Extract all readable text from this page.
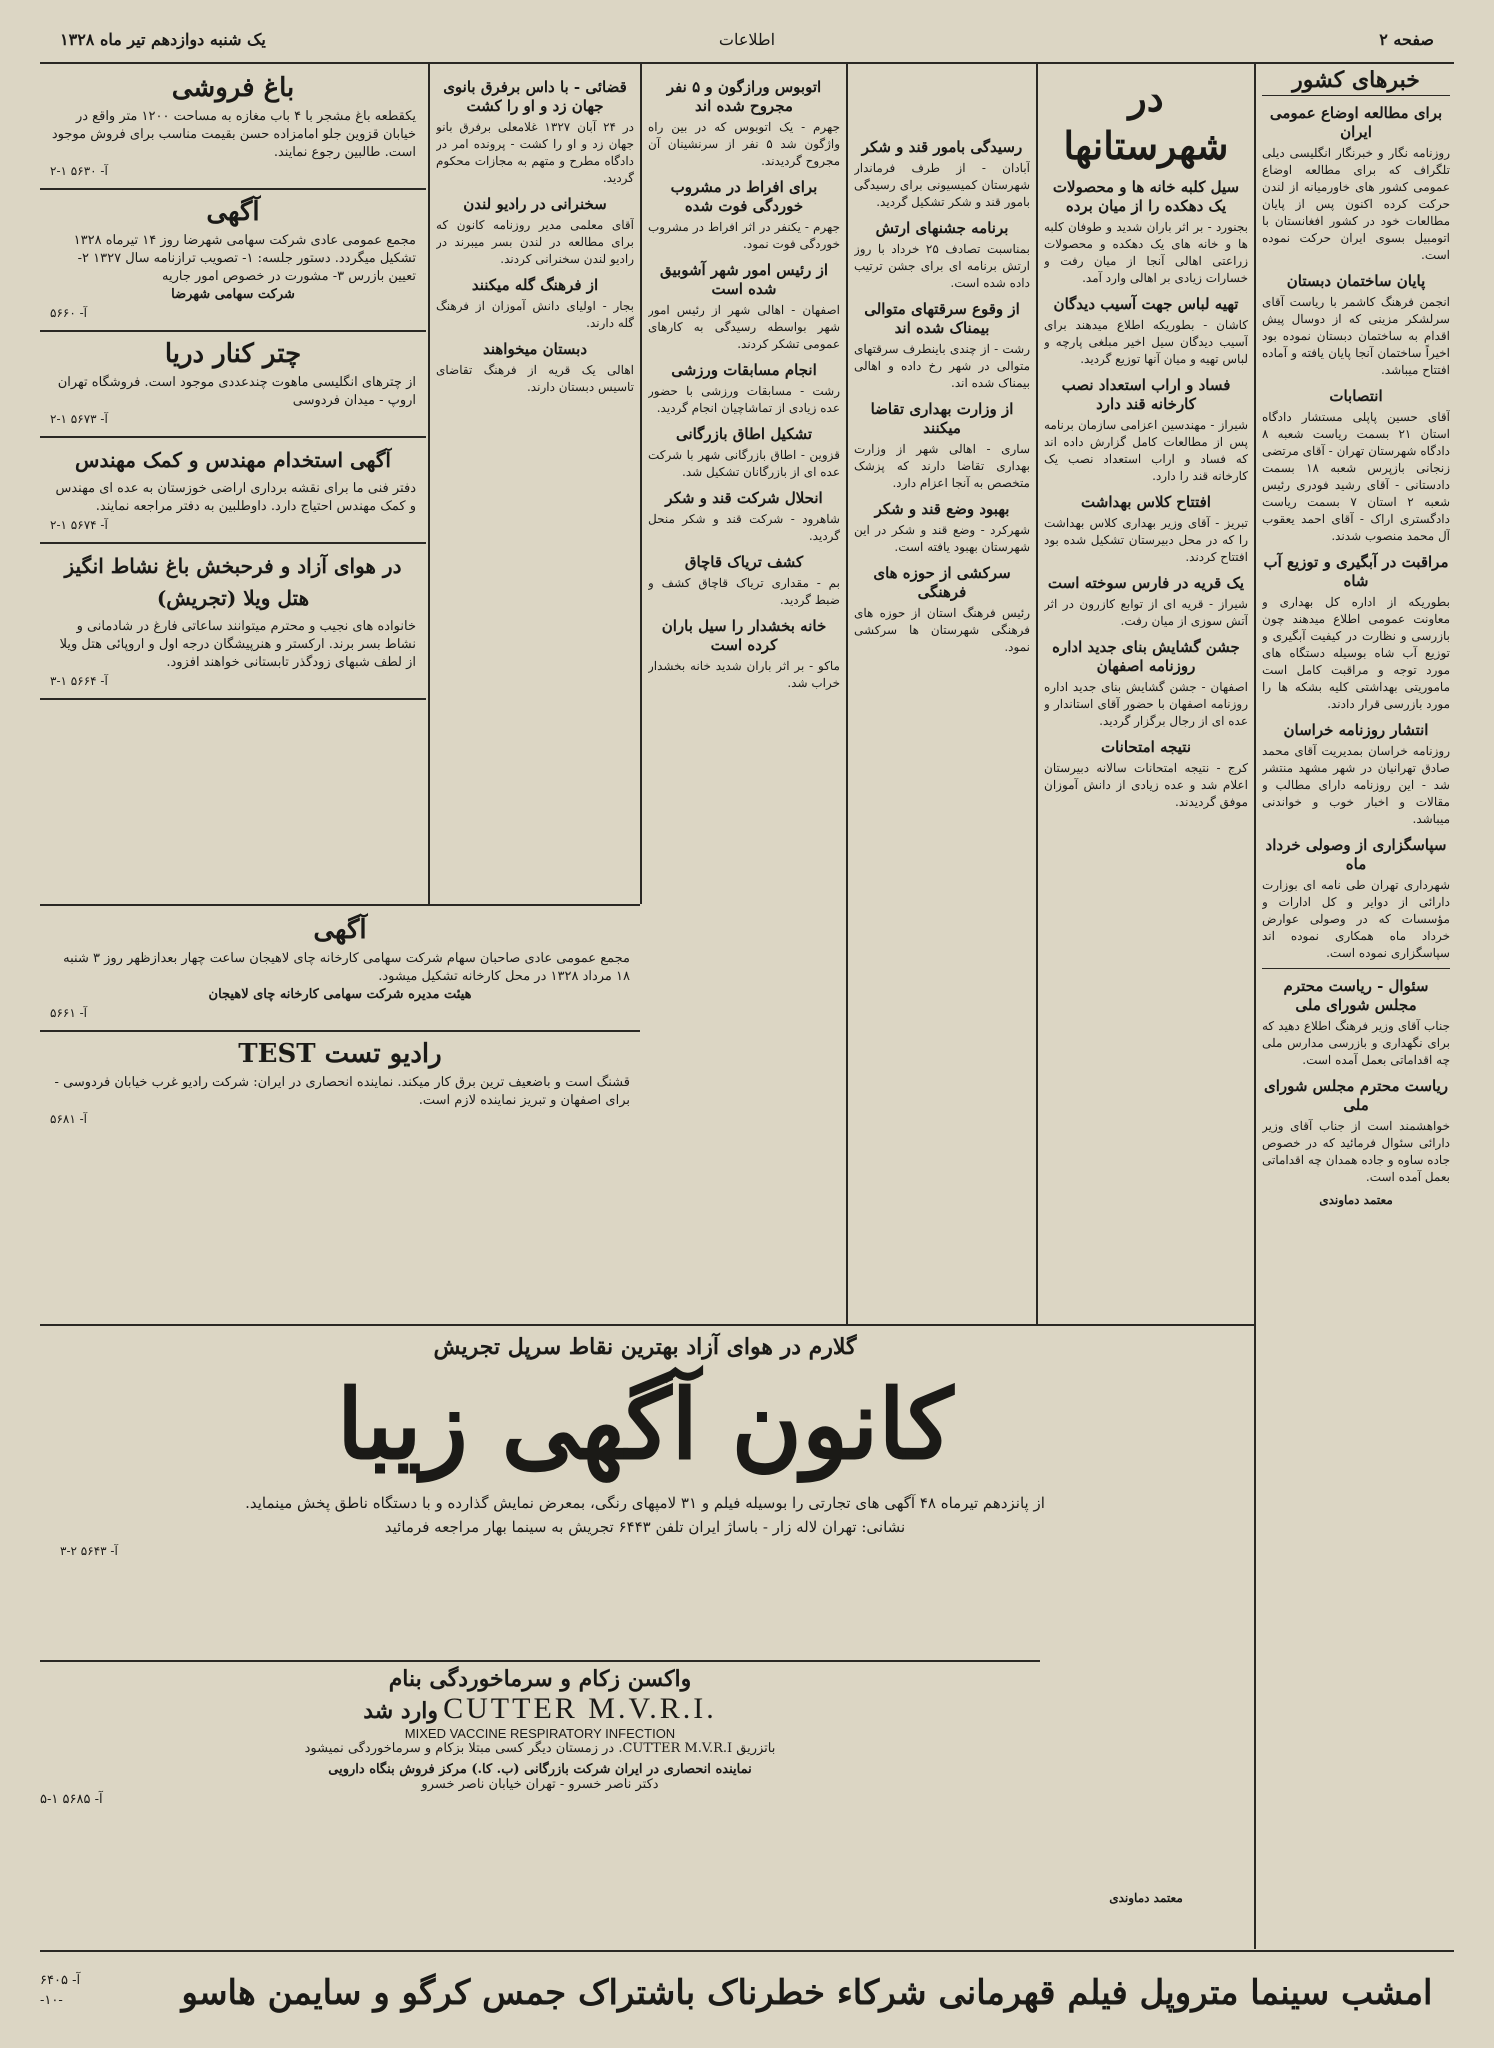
صفحه ۲
اطلاعات
یک شنبه دوازدهم تیر ماه ۱۳۲۸
خبرهای کشور
برای مطالعه اوضاع عمومی ایران

روزنامه نگار و خبرنگار انگلیسی دیلی تلگراف که برای مطالعه اوضاع عمومی کشور های خاورمیانه از لندن حرکت کرده اکنون پس از پایان مطالعات خود در کشور افغانستان با اتومبیل بسوی ایران حرکت نموده است.

پایان ساختمان دبستان

انجمن فرهنگ کاشمر با ریاست آقای سرلشکر مزینی که از دوسال پیش اقدام به ساختمان دبستان نموده بود اخیراً ساختمان آنجا پایان یافته و آماده افتتاح میباشد.

انتصابات

آقای حسین پاپلی مستشار دادگاه استان ۲۱ بسمت ریاست شعبه ۸ دادگاه شهرستان تهران - آقای مرتضی زنجانی بازپرس شعبه ۱۸ بسمت دادستانی - آقای رشید فودری رئیس شعبه ۲ استان ۷ بسمت ریاست دادگستری اراک - آقای احمد یعقوب آل محمد منصوب شدند.

مراقبت در آبگیری و توزیع آب شاه

بطوریکه از اداره کل بهداری و معاونت عمومی اطلاع میدهند چون بازرسی و نظارت در کیفیت آبگیری و توزیع آب شاه بوسیله دستگاه های مورد توجه و مراقبت کامل است ماموریتی بهداشتی کلیه بشکه ها را مورد بازرسی قرار دادند.

انتشار روزنامه خراسان

روزنامه خراسان بمدیریت آقای محمد صادق تهرانیان در شهر مشهد منتشر شد - این روزنامه دارای مطالب و مقالات و اخبار خوب و خواندنی میباشد.

سپاسگزاری از وصولی خرداد ماه

شهرداری تهران طی نامه ای بوزارت دارائی از دوایر و کل ادارات و مؤسسات که در وصولی عوارض خرداد ماه همکاری نموده اند سپاسگزاری نموده است.

سئوال - ریاست محترم مجلس شورای ملی

جناب آقای وزیر فرهنگ اطلاع دهید که برای نگهداری و بازرسی مدارس ملی چه اقداماتی بعمل آمده است.

ریاست محترم مجلس شورای ملی

خواهشمند است از جناب آقای وزیر دارائی سئوال فرمائید که در خصوص جاده ساوه و جاده همدان چه اقداماتی بعمل آمده است.

معتمد دماوندی

در شهرستانها
سیل کلبه خانه ها و محصولات یک دهکده را از میان برده

بجنورد - بر اثر باران شدید و طوفان کلبه ها و خانه های یک دهکده و محصولات زراعتی اهالی آنجا از میان رفت و خسارات زیادی بر اهالی وارد آمد.

تهیه لباس جهت آسیب دیدگان

کاشان - بطوریکه اطلاع میدهند برای آسیب دیدگان سیل اخیر مبلغی پارچه و لباس تهیه و میان آنها توزیع گردید.

فساد و اراب استعداد نصب کارخانه قند دارد

شیراز - مهندسین اعزامی سازمان برنامه پس از مطالعات کامل گزارش داده اند که فساد و اراب استعداد نصب یک کارخانه قند را دارد.

افتتاح کلاس بهداشت

تبریز - آقای وزیر بهداری کلاس بهداشت را که در محل دبیرستان تشکیل شده بود افتتاح کردند.

یک قریه در فارس سوخته است

شیراز - قریه ای از توابع کازرون در اثر آتش سوزی از میان رفت.

جشن گشایش بنای جدید اداره روزنامه اصفهان

اصفهان - جشن گشایش بنای جدید اداره روزنامه اصفهان با حضور آقای استاندار و عده ای از رجال برگزار گردید.

نتیجه امتحانات

کرج - نتیجه امتحانات سالانه دبیرستان اعلام شد و عده زیادی از دانش آموزان موفق گردیدند.

معتمد دماوندی

رسیدگی بامور قند و شکر

آبادان - از طرف فرماندار شهرستان کمیسیونی برای رسیدگی بامور قند و شکر تشکیل گردید.

برنامه جشنهای ارتش

بمناسبت تصادف ۲۵ خرداد با روز ارتش برنامه ای برای جشن ترتیب داده شده است.

از وقوع سرقتهای متوالی بیمناک شده اند

رشت - از چندی باینطرف سرقتهای متوالی در شهر رخ داده و اهالی بیمناک شده اند.

از وزارت بهداری تقاضا میکنند

ساری - اهالی شهر از وزارت بهداری تقاضا دارند که پزشک متخصص به آنجا اعزام دارد.

بهبود وضع قند و شکر

شهرکرد - وضع قند و شکر در این شهرستان بهبود یافته است.

سرکشی از حوزه های فرهنگی

رئیس فرهنگ استان از حوزه های فرهنگی شهرستان ها سرکشی نمود.

اتوبوس ورازگون و ۵ نفر مجروح شده اند

جهرم - یک اتوبوس که در بین راه واژگون شد ۵ نفر از سرنشینان آن مجروح گردیدند.

برای افراط در مشروب خوردگی فوت شده

جهرم - یکنفر در اثر افراط در مشروب خوردگی فوت نمود.

از رئیس امور شهر آشوبیق شده است

اصفهان - اهالی شهر از رئیس امور شهر بواسطه رسیدگی به کارهای عمومی تشکر کردند.

انجام مسابقات ورزشی

رشت - مسابقات ورزشی با حضور عده زیادی از تماشاچیان انجام گردید.

تشکیل اطاق بازرگانی

قزوین - اطاق بازرگانی شهر با شرکت عده ای از بازرگانان تشکیل شد.

انحلال شرکت قند و شکر

شاهرود - شرکت قند و شکر منحل گردید.

کشف تریاک قاچاق

بم - مقداری تریاک قاچاق کشف و ضبط گردید.

خانه بخشدار را سیل باران کرده است

ماکو - بر اثر باران شدید خانه بخشدار خراب شد.

قضائی - با داس برفرق بانوی جهان زد و او را کشت

در ۲۴ آبان ۱۳۲۷ غلامعلی برفرق بانو جهان زد و او را کشت - پرونده امر در دادگاه مطرح و متهم به مجازات محکوم گردید.

سخنرانی در رادیو لندن

آقای معلمی مدیر روزنامه کانون که برای مطالعه در لندن بسر میبرند در رادیو لندن سخنرانی کردند.

از فرهنگ گله میکنند

بجار - اولیای دانش آموزان از فرهنگ گله دارند.

دبستان میخواهند

اهالی یک قریه از فرهنگ تقاضای تاسیس دبستان دارند.

باغ فروشی
یکقطعه باغ مشجر با ۴ باب مغازه به مساحت ۱۲۰۰ متر واقع در خیابان قزوین جلو امامزاده حسن بقیمت مناسب برای فروش موجود است. طالبین رجوع نمایند.
آ- ۵۶۳۰ ۱-۲
آگهی
مجمع عمومی عادی شرکت سهامی شهرضا روز ۱۴ تیرماه ۱۳۲۸ تشکیل میگردد. دستور جلسه: ۱- تصویب ترازنامه سال ۱۳۲۷ ۲- تعیین بازرس ۳- مشورت در خصوص امور جاریه
شرکت سهامی شهرضا
آ- ۵۶۶۰
چتر کنار دریا
از چترهای انگلیسی ماهوت چندعددی موجود است. فروشگاه تهران اروپ - میدان فردوسی
آ- ۵۶۷۳ ۱-۲
آگهی استخدام مهندس و کمک مهندس
دفتر فنی ما برای نقشه برداری اراضی خوزستان به عده ای مهندس و کمک مهندس احتیاج دارد. داوطلبین به دفتر مراجعه نمایند.
آ- ۵۶۷۴ ۱-۲
در هوای آزاد و فرحبخش باغ نشاط انگیز هتل ویلا (تجریش)
خانواده های نجیب و محترم میتوانند ساعاتی فارغ در شادمانی و نشاط بسر برند. ارکستر و هنرپیشگان درجه اول و اروپائی هتل ویلا از لطف شبهای زودگذر تابستانی خواهند افزود.
آ- ۵۶۶۴ ۱-۳
آگهی
مجمع عمومی عادی صاحبان سهام شرکت سهامی کارخانه چای لاهیجان ساعت چهار بعدازظهر روز ۳ شنبه ۱۸ مرداد ۱۳۲۸ در محل کارخانه تشکیل میشود.
هیئت مدیره شرکت سهامی کارخانه چای لاهیجان
آ- ۵۶۶۱
رادیو تست TEST
قشنگ است و باضعیف ترین برق کار میکند. نماینده انحصاری در ایران: شرکت رادیو غرب خیابان فردوسی - برای اصفهان و تبریز نماینده لازم است.
آ- ۵۶۸۱
گلارم در هوای آزاد بهترین نقاط سرپل تجریش
کانون آگهی زیبا
از پانزدهم تیرماه ۴۸ آگهی های تجارتی را بوسیله فیلم و ۳۱ لامپهای رنگی، بمعرض نمایش گذارده و با دستگاه ناطق پخش مینماید.
نشانی: تهران لاله زار - باساژ ایران تلفن ۶۴۴۳ تجریش به سینما بهار مراجعه فرمائید
آ- ۵۶۴۳ ۲-۳
واکسن زکام و سرماخوردگی بنام
CUTTER M.V.R.I. وارد شد
MIXED VACCINE RESPIRATORY INFECTION
باتزریق CUTTER M.V.R.I. در زمستان دیگر کسی مبتلا بزکام و سرماخوردگی نمیشود
نماینده انحصاری در ایران شرکت بازرگانی (ب. کا.) مرکز فروش بنگاه دارویی
دکتر ناصر خسرو - تهران خیابان ناصر خسرو
آ- ۵۶۸۵ ۱-۵
امشب سینما متروپل فیلم قهرمانی شرکاء خطرناک باشتراک جمس کرگو و سایمن هاسو
آ- ۶۴۰۵
-۱۰-
